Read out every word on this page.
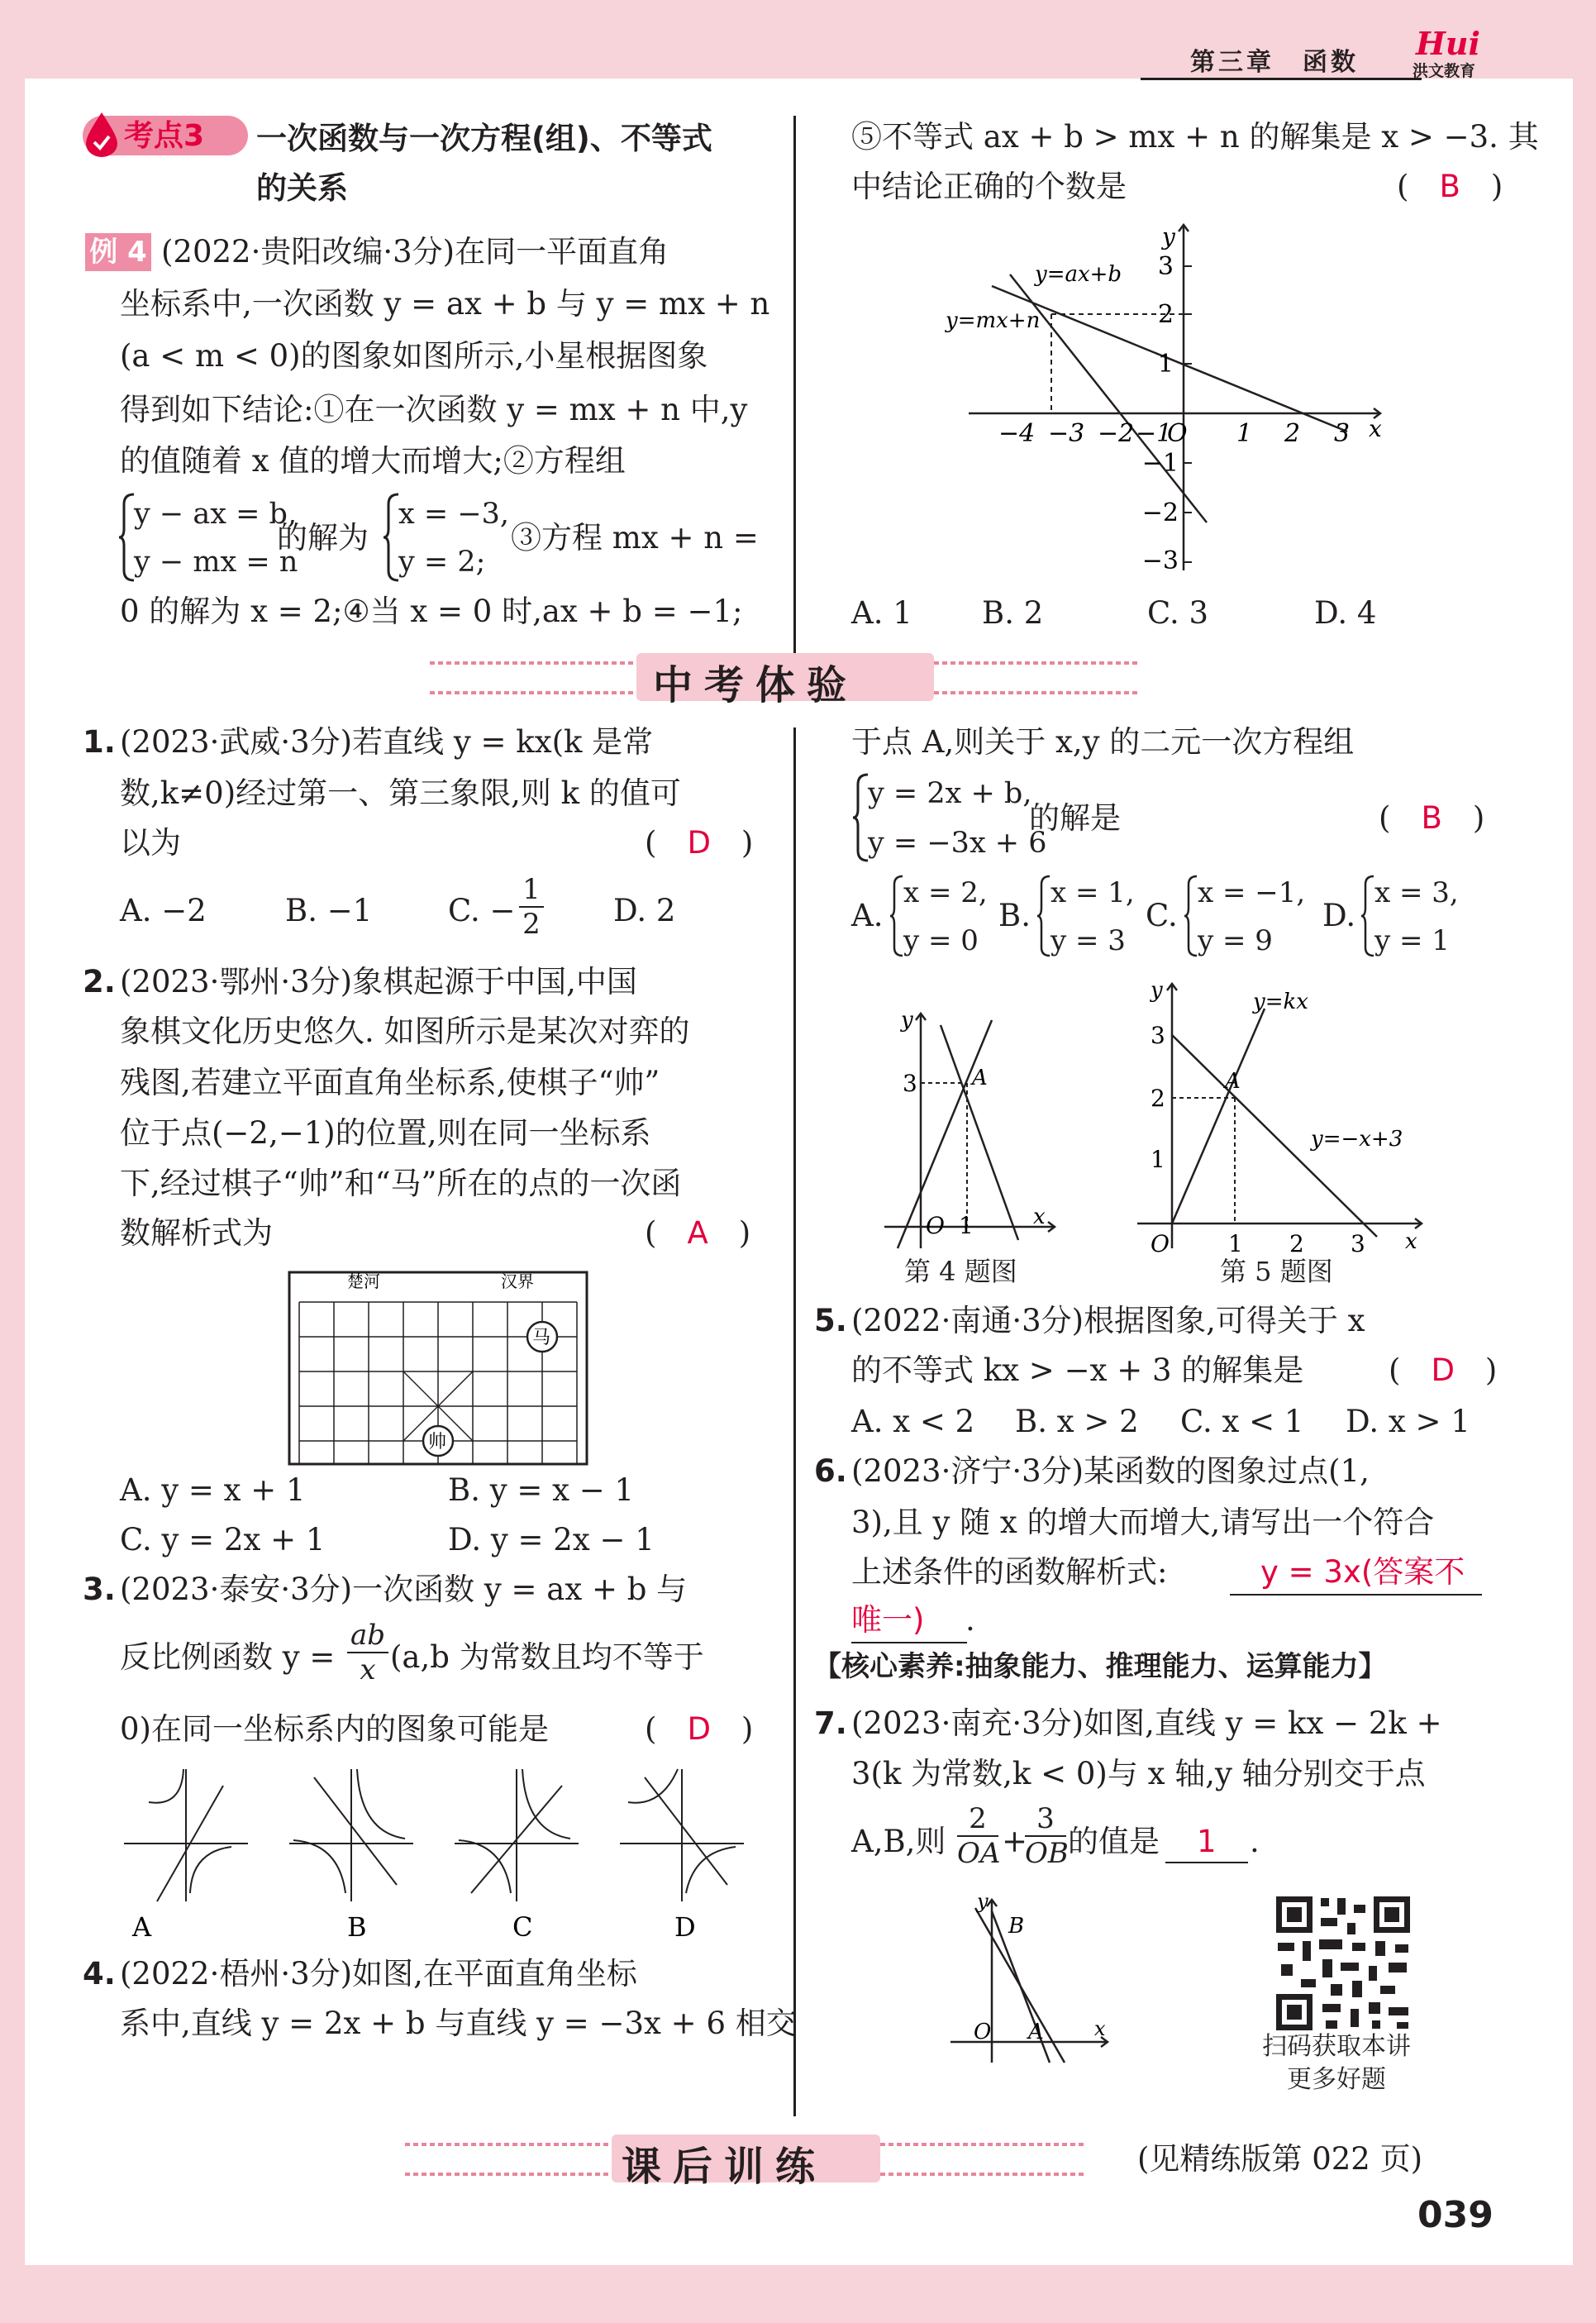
第三章　函数
Hui
洪文教育
考点3 一次函数与一次方程(组)、不等式
的关系
例 4 (2022·贵阳改编·3分)在同一平面直角
坐标系中,一次函数 y = ax + b 与 y = mx + n
(a < m < 0)的图象如图所示,小星根据图象
得到如下结论:①在一次函数 y = mx + n 中,y
的值随着 x 值的增大而增大;②方程组
y − ax = b,
y − mx = n
的解为
x = −3,
y = 2;
③方程 mx + n =
0 的解为 x = 2;④当 x = 0 时,ax + b = −1;
⑤不等式 ax + b > mx + n 的解集是 x > −3. 其
中结论正确的个数是	(　B　)
−4 −3 −2 −1
O 1 2 3 x
y
3
2
1
−1
−2
−3
y=ax+b
y=mx+n
A. 1 B. 2	C. 3	D. 4
中考体验
1. (2023·武威·3分)若直线 y = kx(k 是常
数,k≠0)经过第一、第三象限,则 k 的值可
以为	(　D　)
A. −2	B. −1 C. − $\frac{1}{2} D$. 2
2. (2023·鄂州·3分)象棋起源于中国,中国
象棋文化历史悠久. 如图所示是某次对弈的
残图,若建立平面直角坐标系,使棋子“帅”
位于点(−2,−1)的位置,则在同一坐标系
下,经过棋子“帅”和“马”所在的点的一次函
数解析式为	(　A　)
楚河	汉界
马
帅
A. y = x + 1	B. y = x − 1
C. y = 2x + 1	D. y = 2x − 1
3. (2023·泰安·3分)一次函数 y = ax + b 与
反比例函数 $y = \frac{ab}{x} (a,b$ 为常数且均不等于
0)在同一坐标系内的图象可能是	(　D　)
A	B	C	D
4. (2022·梧州·3分)如图,在平面直角坐标
系中,直线 y = 2x + b 与直线 y = −3x + 6 相交
于点 A,则关于 x,y 的二元一次方程组
y = 2x + b,
y = −3x + 6
的解是	(　B　)
A.
x = 2,
y = 0
B.
x = 1,
y = 3
C.
x = −1,
y = 9
D.
x = 3,
y = 1
3
1
O
A
x
y
第 4 题图
3
2
1
1 2 3
O
A
y=kx
y=−x+3
x
y
第 5 题图
5. (2022·南通·3分)根据图象,可得关于 x
的不等式 kx > −x + 3 的解集是	(　D　)
A. x < 2 B. x > 2 C. x < 1 D. x > 1
6. (2023·济宁·3分)某函数的图象过点(1,
3),且 y 随 x 的增大而增大,请写出一个符合
上述条件的函数解析式:	y = 3x(答案不
唯一) .
【核心素养:抽象能力、推理能力、运算能力】
7. (2023·南充·3分)如图,直线 y = kx − 2k +
3(k 为常数,k < 0)与 x 轴,y 轴分别交于点
A,B,则 $\frac{2}{OA}$ +
$\frac{3}{OB}$ 的值是 1 .
B
A
O	x
y
扫码获取本讲
更多好题
课后训练	(见精练版第 022 页)
039
